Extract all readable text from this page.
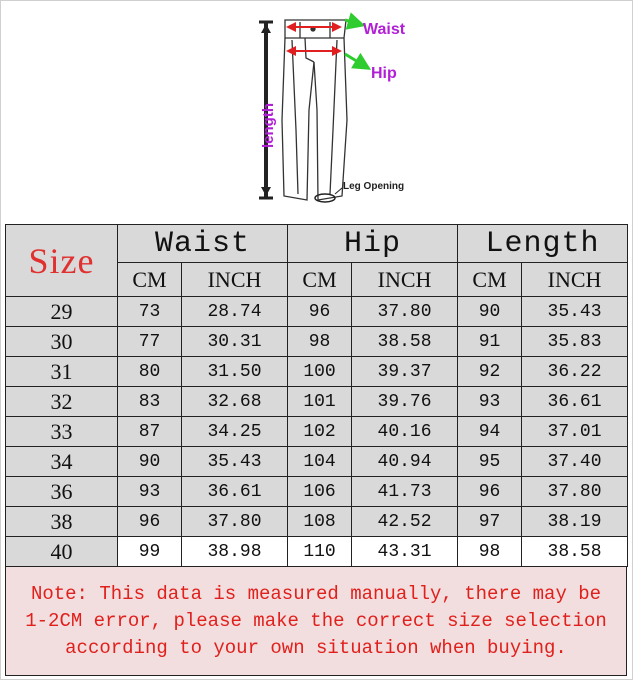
Waist
Hip
length
Leg Opening
Size	Waist		Hip		Length	
	CM	INCH	CM	INCH	CM	INCH
29	73	28.74	96	37.80	90	35.43
30	77	30.31	98	38.58	91	35.83
31	80	31.50	100	39.37	92	36.22
32	83	32.68	101	39.76	93	36.61
33	87	34.25	102	40.16	94	37.01
34	90	35.43	104	40.94	95	37.40
36	93	36.61	106	41.73	96	37.80
38	96	37.80	108	42.52	97	38.19
40	99	38.98	110	43.31	98	38.58

Note: This data is measured manually, there may be
1-2CM error, please make the correct size selection
according to your own situation when buying.
